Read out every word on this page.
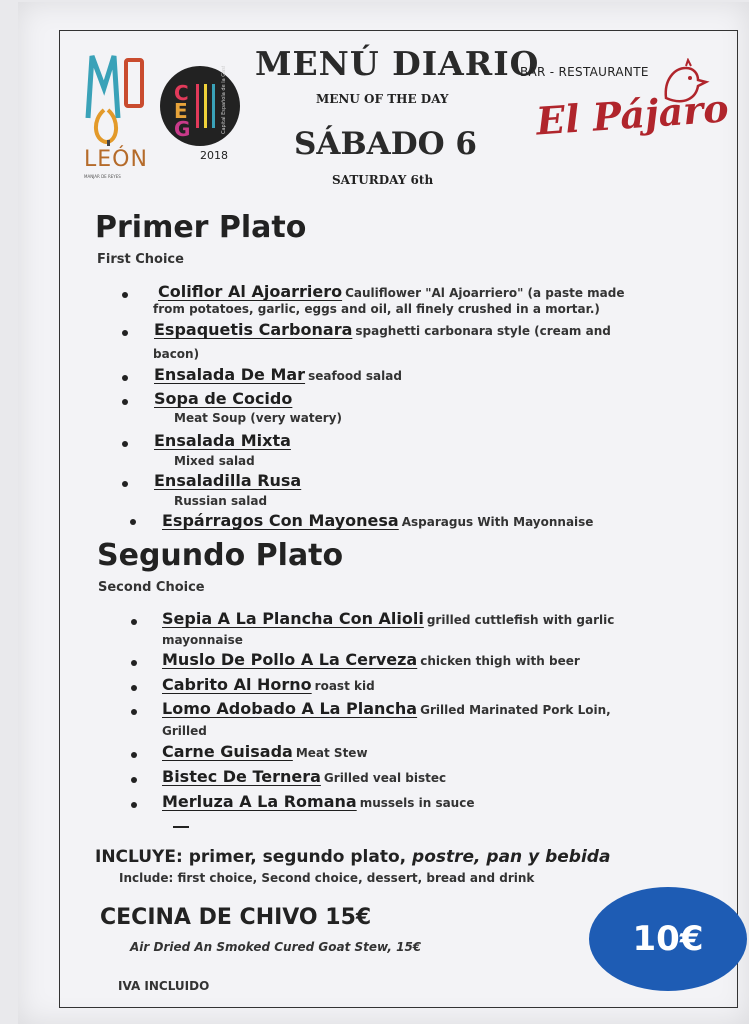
LEÓN
MANJAR DE REYES
C
E
G	Capital Española de la Gastronomía
2018
MENÚ DIARIO
MENU OF THE DAY
SÁBADO 6
SATURDAY 6th
BAR - RESTAURANTE
El Pájaro
Primer Plato
First Choice
Coliflor Al Ajoarriero Cauliflower "Al Ajoarriero" (a paste made
from potatoes, garlic, eggs and oil, all finely crushed in a mortar.)
Espaquetis Carbonara spaghetti carbonara style (cream and
bacon)
Ensalada De Mar seafood salad
Sopa de Cocido
Meat Soup (very watery)
Ensalada Mixta
Mixed salad
Ensaladilla Rusa
Russian salad
Espárragos Con Mayonesa Asparagus With Mayonnaise
Segundo Plato
Second Choice
Sepia A La Plancha Con Alioli grilled cuttlefish with garlic
mayonnaise
Muslo De Pollo A La Cerveza chicken thigh with beer
Cabrito Al Horno roast kid
Lomo Adobado A La Plancha Grilled Marinated Pork Loin,
Grilled
Carne Guisada Meat Stew
Bistec De Ternera Grilled veal bistec
Merluza A La Romana mussels in sauce
INCLUYE: primer, segundo plato, postre, pan y bebida
Include: first choice, Second choice, dessert, bread and drink
CECINA DE CHIVO 15€
Air Dried An Smoked Cured Goat Stew, 15€
IVA INCLUIDO
10€
